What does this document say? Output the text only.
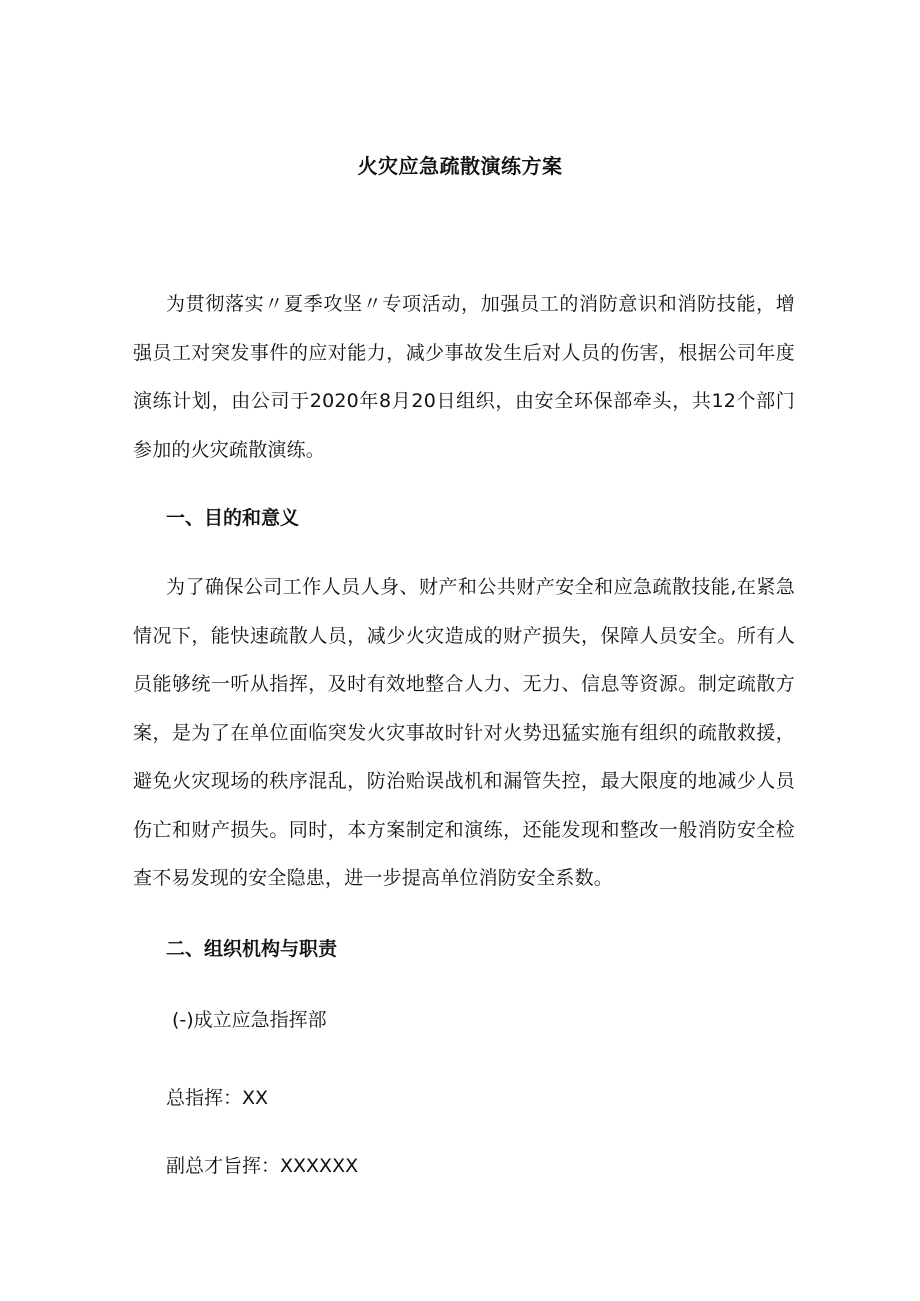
火灾应急疏散演练方案
为贯彻落实〃夏季攻坚〃专项活动，加强员工的消防意识和消防技能，增强员工对突发事件的应对能力，减少事故发生后对人员的伤害，根据公司年度演练计划，由公司于2020年8月20日组织，由安全环保部牵头，共12个部门参加的火灾疏散演练。
一、目的和意义
为了确保公司工作人员人身、财产和公共财产安全和应急疏散技能,在紧急情况下，能快速疏散人员，减少火灾造成的财产损失，保障人员安全。所有人员能够统一听从指挥，及时有效地整合人力、无力、信息等资源。制定疏散方案，是为了在单位面临突发火灾事故时针对火势迅猛实施有组织的疏散救援，避免火灾现场的秩序混乱，防治贻误战机和漏管失控，最大限度的地减少人员伤亡和财产损失。同时，本方案制定和演练，还能发现和整改一般消防安全检查不易发现的安全隐患，进一步提高单位消防安全系数。
二、组织机构与职责
(-)成立应急指挥部
总指挥：XX
副总才旨挥：XXXXXX
